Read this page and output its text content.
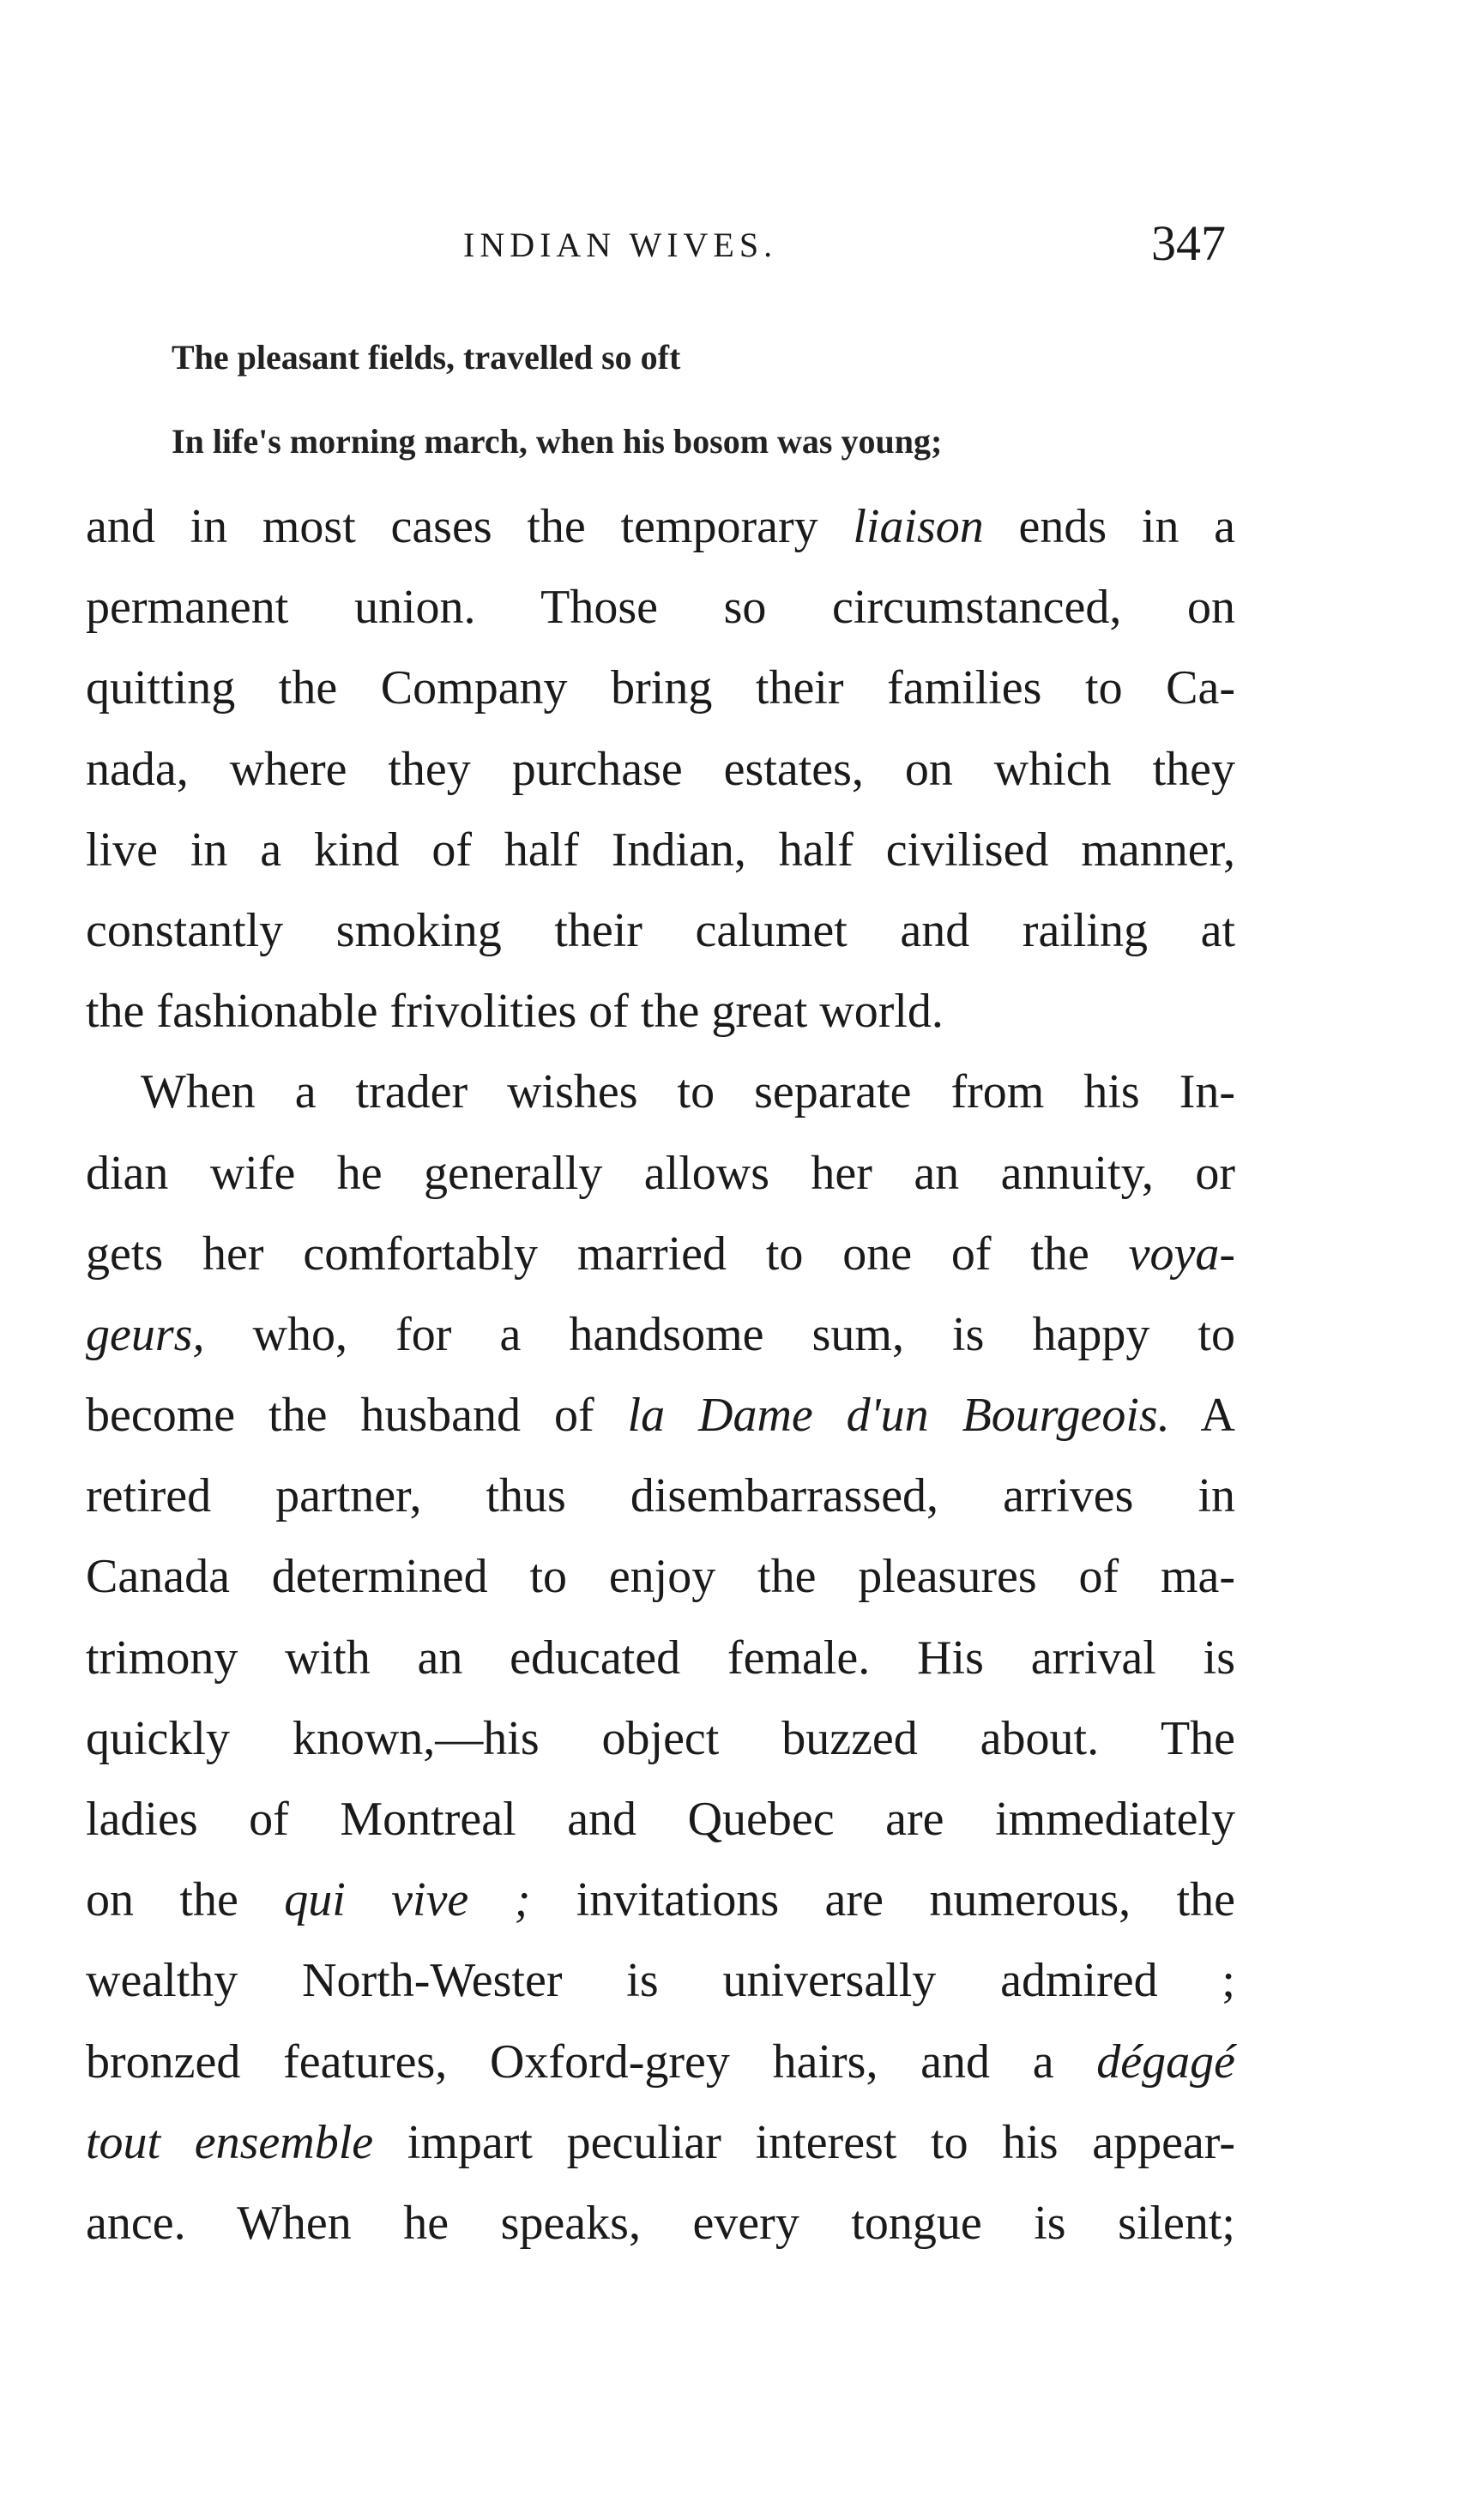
INDIAN WIVES.	347
The pleasant fields, travelled so oft
In life's morning march, when his bosom was young;
and in most cases the temporary liaison ends in a
permanent union. Those so circumstanced, on
quitting the Company bring their families to Ca-
nada, where they purchase estates, on which they
live in a kind of half Indian, half civilised manner,
constantly smoking their calumet and railing at
the fashionable frivolities of the great world.
When a trader wishes to separate from his In-
dian wife he generally allows her an annuity, or
gets her comfortably married to one of the voya-
geurs, who, for a handsome sum, is happy to
become the husband of la Dame d'un Bourgeois. A
retired partner, thus disembarrassed, arrives in
Canada determined to enjoy the pleasures of ma-
trimony with an educated female. His arrival is
quickly known,—his object buzzed about. The
ladies of Montreal and Quebec are immediately
on the qui vive ; invitations are numerous, the
wealthy North-Wester is universally admired ;
bronzed features, Oxford-grey hairs, and a dégagé
tout ensemble impart peculiar interest to his appear-
ance. When he speaks, every tongue is silent;
